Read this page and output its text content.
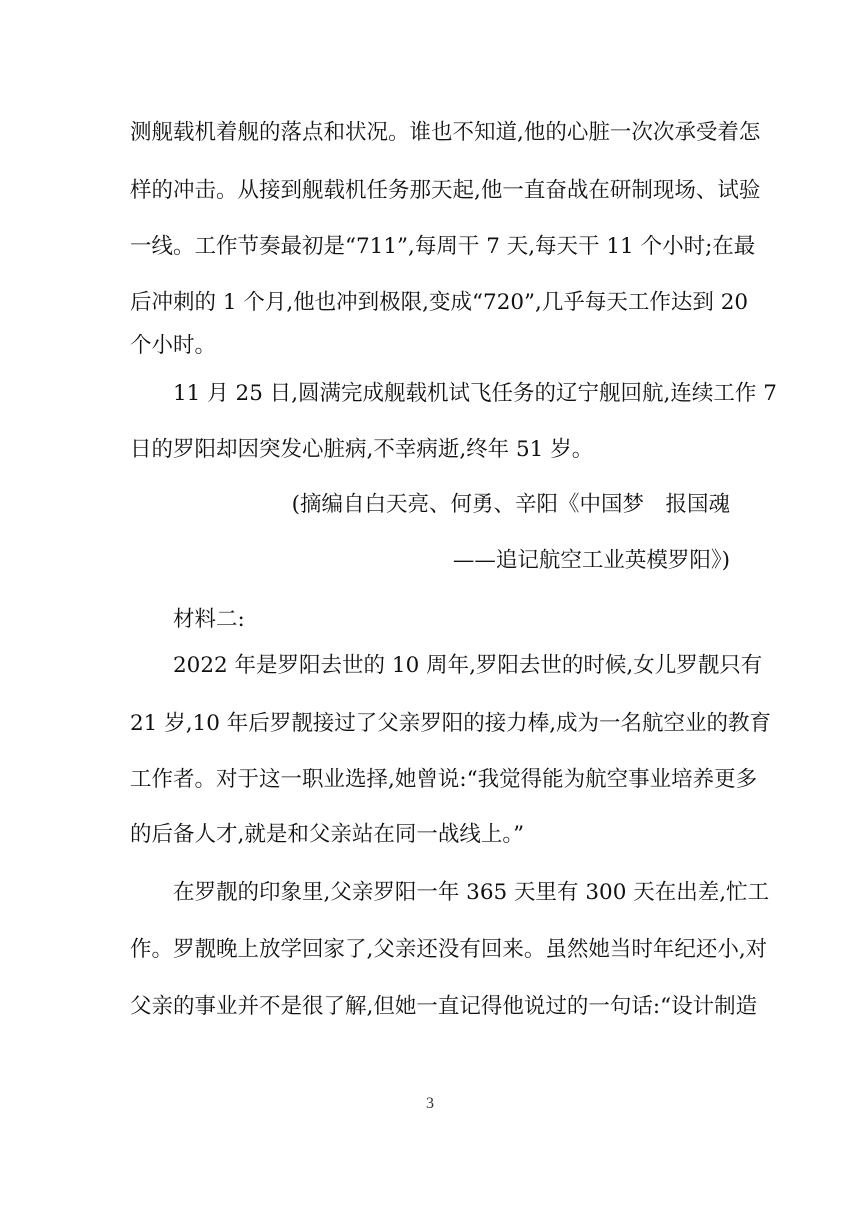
测舰载机着舰的落点和状况。谁也不知道,他的心脏一次次承受着怎
样的冲击。从接到舰载机任务那天起,他一直奋战在研制现场、试验
一线。工作节奏最初是“711”,每周干 7 天,每天干 11 个小时;在最
后冲刺的 1 个月,他也冲到极限,变成“720”,几乎每天工作达到 20
个小时。
11 月 25 日,圆满完成舰载机试飞任务的辽宁舰回航,连续工作 7
日的罗阳却因突发心脏病,不幸病逝,终年 51 岁。
(摘编自白天亮、何勇、辛阳《中国梦　报国魂
——追记航空工业英模罗阳》)
材料二:
2022 年是罗阳去世的 10 周年,罗阳去世的时候,女儿罗靓只有
21 岁,10 年后罗靓接过了父亲罗阳的接力棒,成为一名航空业的教育
工作者。对于这一职业选择,她曾说:“我觉得能为航空事业培养更多
的后备人才,就是和父亲站在同一战线上。”
在罗靓的印象里,父亲罗阳一年 365 天里有 300 天在出差,忙工
作。罗靓晚上放学回家了,父亲还没有回来。虽然她当时年纪还小,对
父亲的事业并不是很了解,但她一直记得他说过的一句话:“设计制造
3
